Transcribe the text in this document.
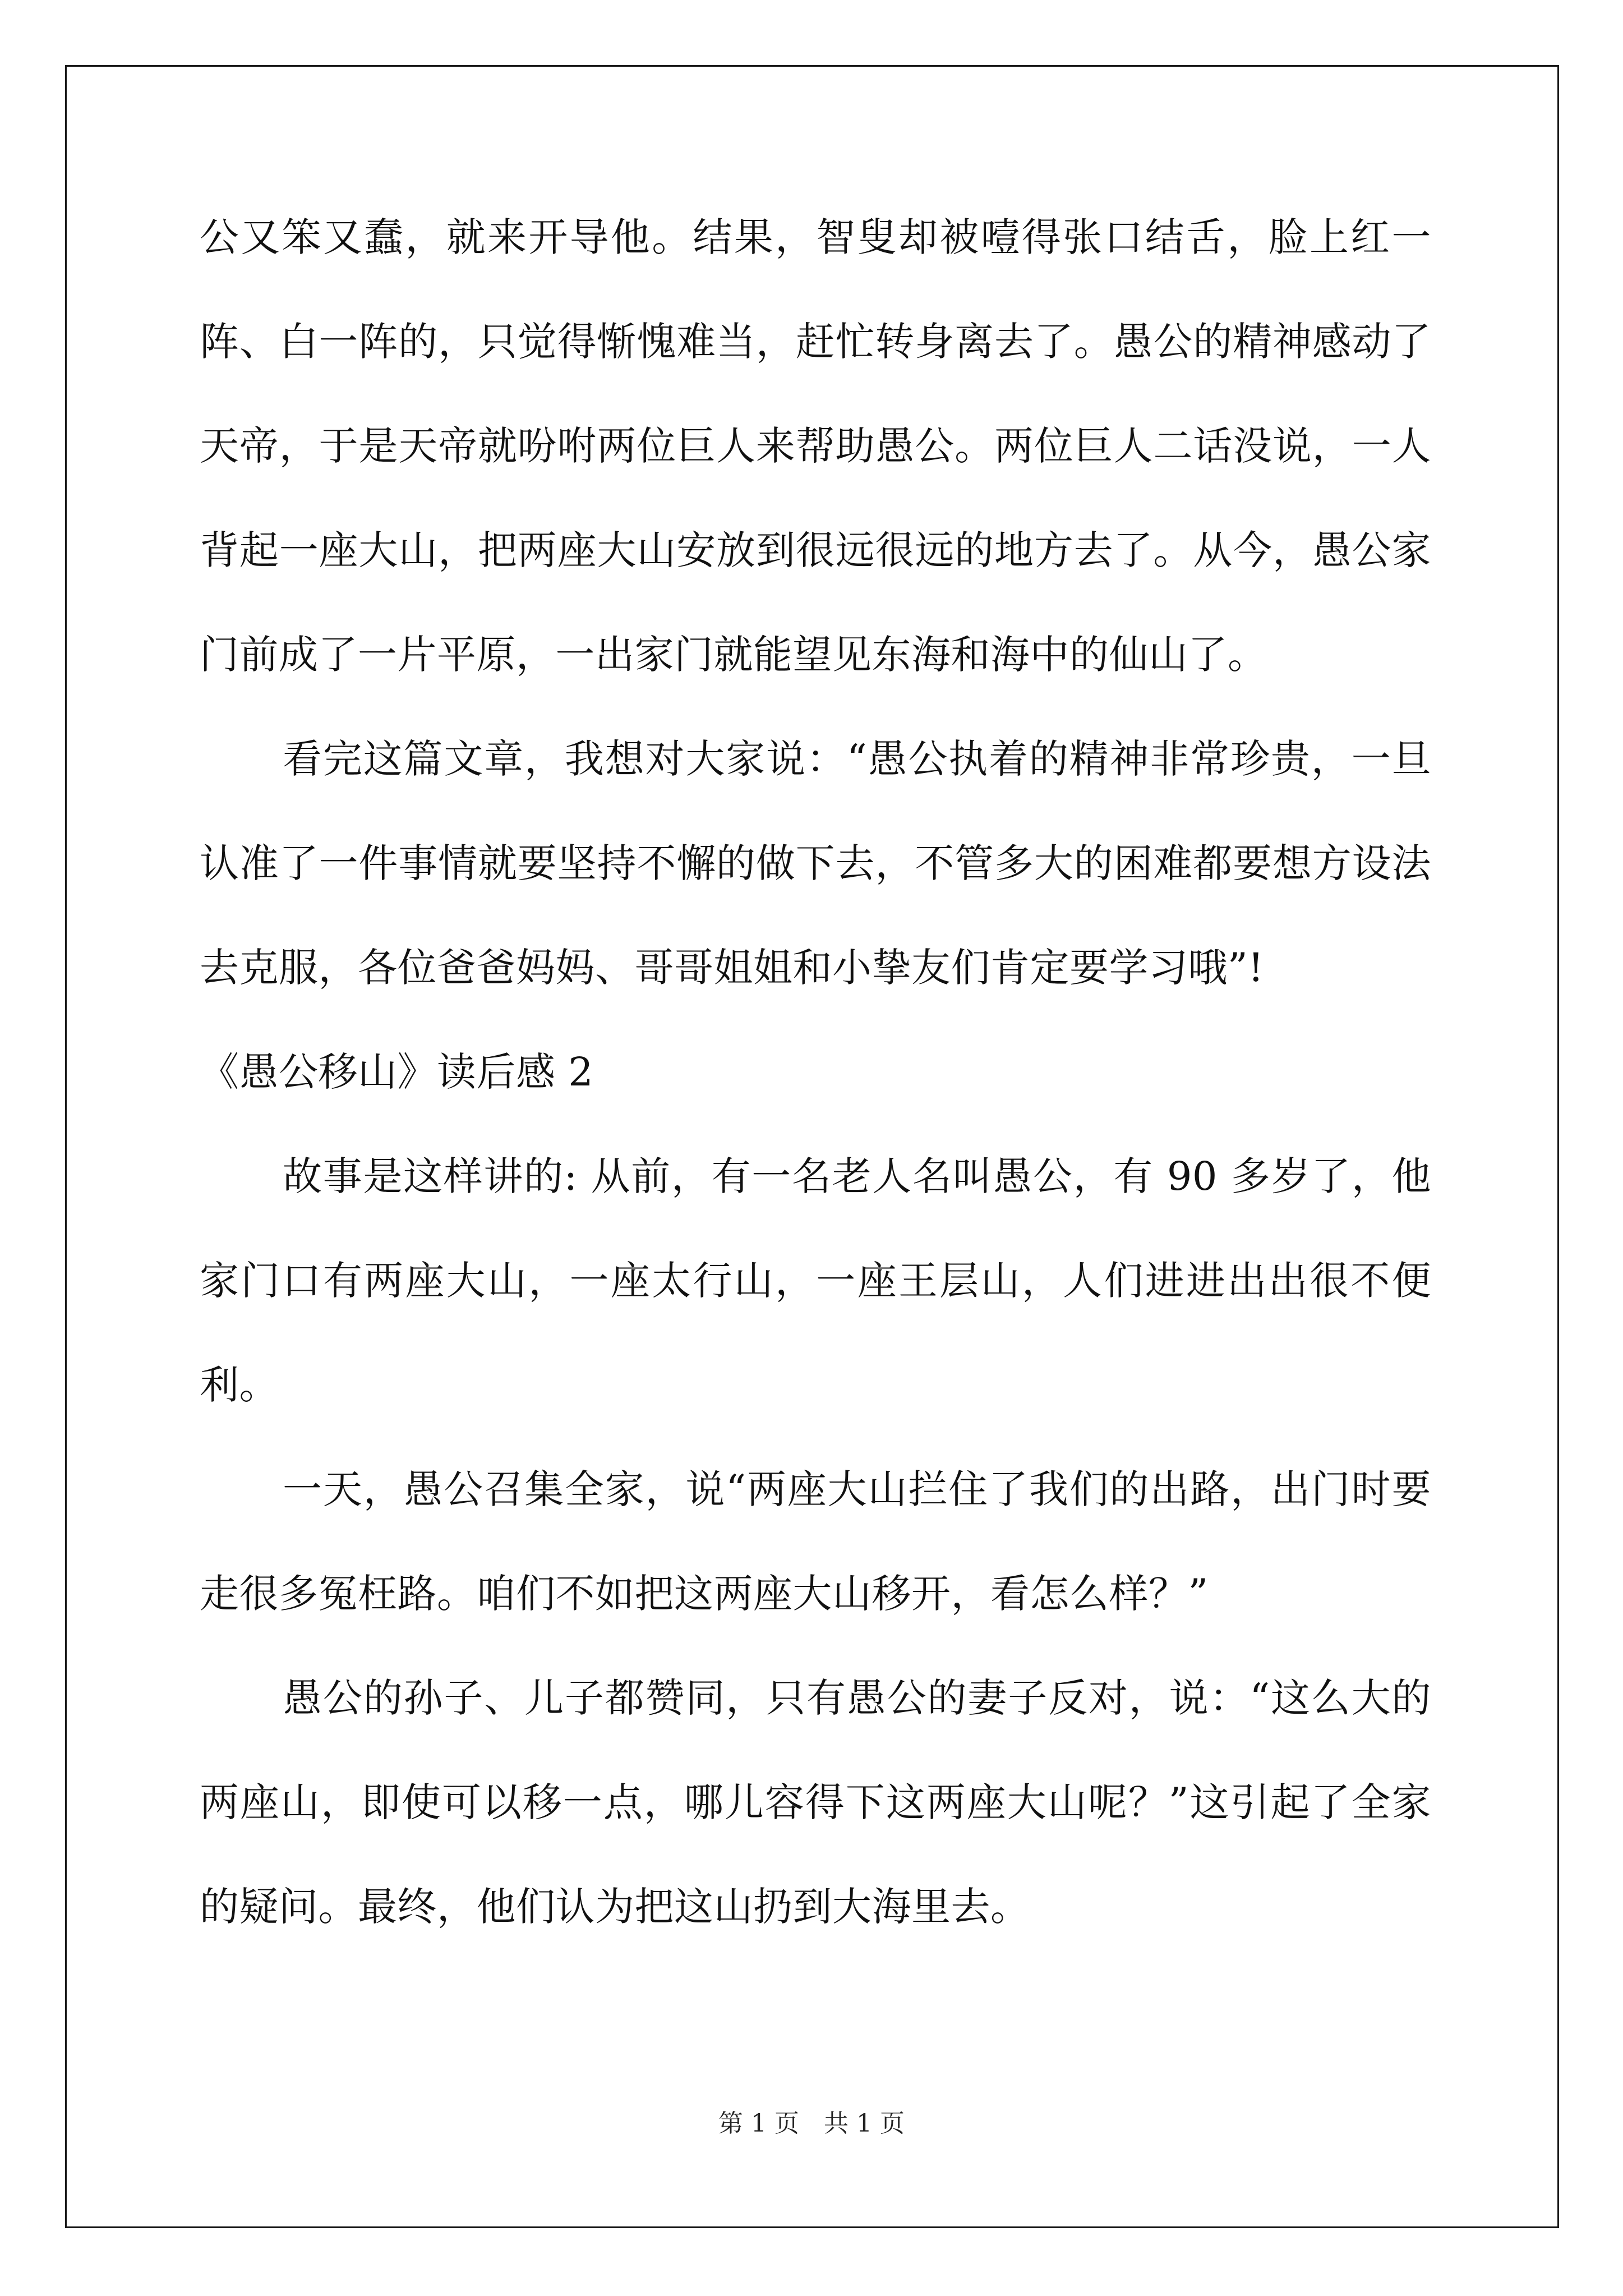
公又笨又蠢，就来开导他。结果，智叟却被噎得张口结舌，脸上红一阵、白一阵的，只觉得惭愧难当，赶忙转身离去了。愚公的精神感动了天帝，于是天帝就吩咐两位巨人来帮助愚公。两位巨人二话没说，一人背起一座大山，把两座大山安放到很远很远的地方去了。从今，愚公家门前成了一片平原，一出家门就能望见东海和海中的仙山了。

看完这篇文章，我想对大家说：“愚公执着的精神非常珍贵，一旦认准了一件事情就要坚持不懈的做下去，不管多大的困难都要想方设法去克服，各位爸爸妈妈、哥哥姐姐和小挚友们肯定要学习哦”!

《愚公移山》读后感 2

故事是这样讲的: 从前，有一名老人名叫愚公，有 90 多岁了，他家门口有两座大山，一座太行山，一座王层山，人们进进出出很不便利。

一天，愚公召集全家，说“两座大山拦住了我们的出路，出门时要走很多冤枉路。咱们不如把这两座大山移开，看怎么样？”

愚公的孙子、儿子都赞同，只有愚公的妻子反对，说：“这么大的两座山，即使可以移一点，哪儿容得下这两座大山呢？”这引起了全家的疑问。最终，他们认为把这山扔到大海里去。

第 1 页　共 1 页
